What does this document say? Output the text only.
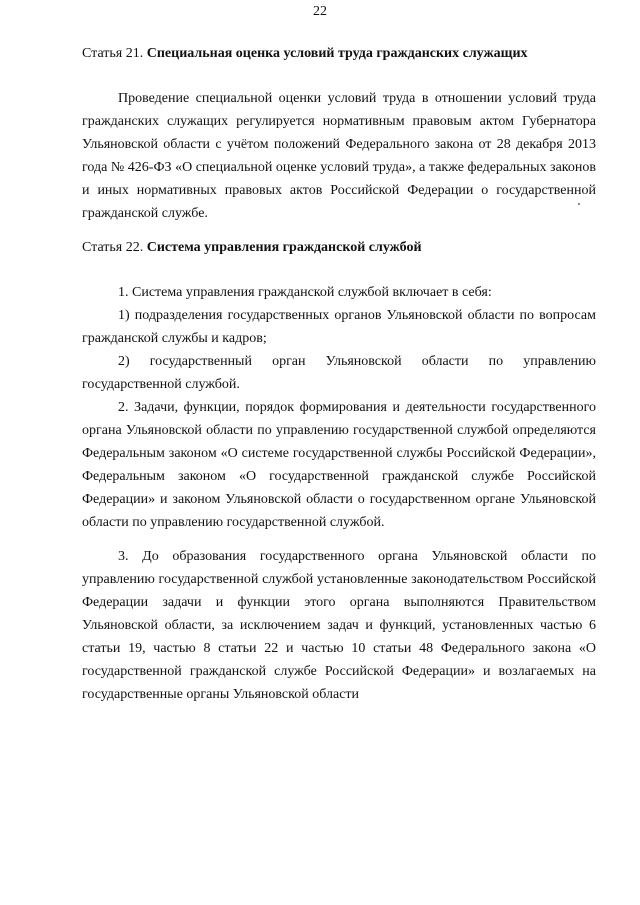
22
Статья 21. Специальная оценка условий труда гражданских служащих
Проведение специальной оценки условий труда в отношении условий труда гражданских служащих регулируется нормативным правовым актом Губернатора Ульяновской области с учётом положений Федерального закона от 28 декабря 2013 года № 426-ФЗ «О специальной оценке условий труда», а также федеральных законов и иных нормативных правовых актов Российской Федерации о государственной гражданской службе.
Статья 22. Система управления гражданской службой
1. Система управления гражданской службой включает в себя:
1) подразделения государственных органов Ульяновской области по вопросам гражданской службы и кадров;
2) государственный орган Ульяновской области по управлению государственной службой.
2. Задачи, функции, порядок формирования и деятельности государственного органа Ульяновской области по управлению государственной службой определяются Федеральным законом «О системе государственной службы Российской Федерации», Федеральным законом «О государственной гражданской службе Российской Федерации» и законом Ульяновской области о государственном органе Ульяновской области по управлению государственной службой.
3. До образования государственного органа Ульяновской области по управлению государственной службой установленные законодательством Российской Федерации задачи и функции этого органа выполняются Правительством Ульяновской области, за исключением задач и функций, установленных частью 6 статьи 19, частью 8 статьи 22 и частью 10 статьи 48 Федерального закона «О государственной гражданской службе Российской Федерации» и возлагаемых на государственные органы Ульяновской области
